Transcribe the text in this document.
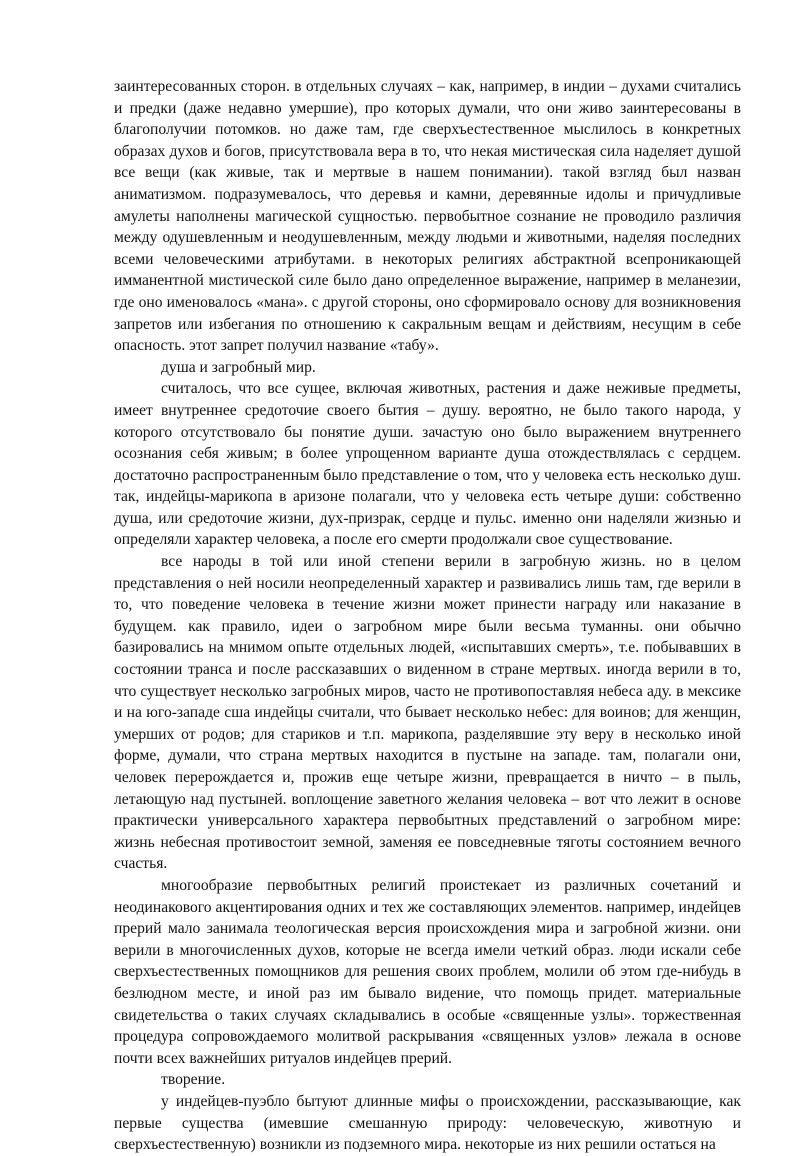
заинтересованных сторон. в отдельных случаях – как, например, в индии – духами считались и предки (даже недавно умершие), про которых думали, что они живо заинтересованы в благополучии потомков. но даже там, где сверхъестественное мыслилось в конкретных образах духов и богов, присутствовала вера в то, что некая мистическая сила наделяет душой все вещи (как живые, так и мертвые в нашем понимании). такой взгляд был назван аниматизмом. подразумевалось, что деревья и камни, деревянные идолы и причудливые амулеты наполнены магической сущностью. первобытное сознание не проводило различия между одушевленным и неодушевленным, между людьми и животными, наделяя последних всеми человеческими атрибутами. в некоторых религиях абстрактной всепроникающей имманентной мистической силе было дано определенное выражение, например в меланезии, где оно именовалось «мана». с другой стороны, оно сформировало основу для возникновения запретов или избегания по отношению к сакральным вещам и действиям, несущим в себе опасность. этот запрет получил название «табу».

душа и загробный мир.

считалось, что все сущее, включая животных, растения и даже неживые предметы, имеет внутреннее средоточие своего бытия – душу. вероятно, не было такого народа, у которого отсутствовало бы понятие души. зачастую оно было выражением внутреннего осознания себя живым; в более упрощенном варианте душа отождествлялась с сердцем. достаточно распространенным было представление о том, что у человека есть несколько душ. так, индейцы-марикопа в аризоне полагали, что у человека есть четыре души: собственно душа, или средоточие жизни, дух-призрак, сердце и пульс. именно они наделяли жизнью и определяли характер человека, а после его смерти продолжали свое существование.

все народы в той или иной степени верили в загробную жизнь. но в целом представления о ней носили неопределенный характер и развивались лишь там, где верили в то, что поведение человека в течение жизни может принести награду или наказание в будущем. как правило, идеи о загробном мире были весьма туманны. они обычно базировались на мнимом опыте отдельных людей, «испытавших смерть», т.е. побывавших в состоянии транса и после рассказавших о виденном в стране мертвых. иногда верили в то, что существует несколько загробных миров, часто не противопоставляя небеса аду. в мексике и на юго-западе сша индейцы считали, что бывает несколько небес: для воинов; для женщин, умерших от родов; для стариков и т.п. марикопа, разделявшие эту веру в несколько иной форме, думали, что страна мертвых находится в пустыне на западе. там, полагали они, человек перерождается и, прожив еще четыре жизни, превращается в ничто – в пыль, летающую над пустыней. воплощение заветного желания человека – вот что лежит в основе практически универсального характера первобытных представлений о загробном мире: жизнь небесная противостоит земной, заменяя ее повседневные тяготы состоянием вечного счастья.

многообразие первобытных религий проистекает из различных сочетаний и неодинакового акцентирования одних и тех же составляющих элементов. например, индейцев прерий мало занимала теологическая версия происхождения мира и загробной жизни. они верили в многочисленных духов, которые не всегда имели четкий образ. люди искали себе сверхъестественных помощников для решения своих проблем, молили об этом где-нибудь в безлюдном месте, и иной раз им бывало видение, что помощь придет. материальные свидетельства о таких случаях складывались в особые «священные узлы». торжественная процедура сопровождаемого молитвой раскрывания «священных узлов» лежала в основе почти всех важнейших ритуалов индейцев прерий.

творение.

у индейцев-пуэбло бытуют длинные мифы о происхождении, рассказывающие, как первые существа (имевшие смешанную природу: человеческую, животную и сверхъестественную) возникли из подземного мира. некоторые из них решили остаться на
